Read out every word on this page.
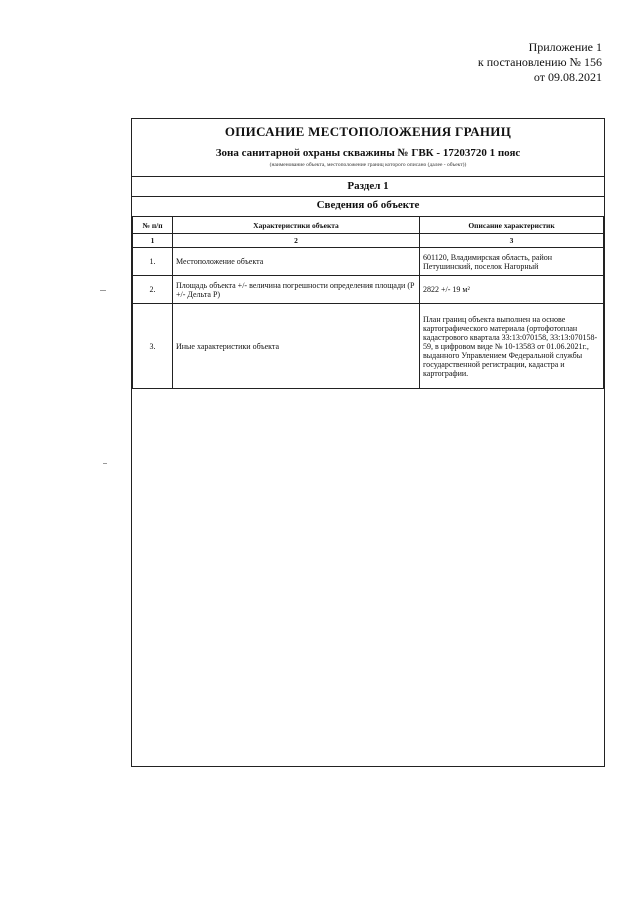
Приложение 1
к постановлению № 156
от 09.08.2021
ОПИСАНИЕ МЕСТОПОЛОЖЕНИЯ ГРАНИЦ
Зона санитарной охраны скважины № ГВК - 17203720 1 пояс
(наименование объекта, местоположение границ которого описано (далее - объект))
Раздел 1
Сведения об объекте
№ п/п	Характеристики объекта	Описание характеристик
1	2	3
1.	Местоположение объекта	601120, Владимирская область, район Петушинский, поселок Нагорный
2.	Площадь объекта +/- величина погрешности определения площади (Р +/- Дельта Р)	2822 +/- 19 м²
3.	Иные характеристики объекта	План границ объекта выполнен на основе картографического материала (ортофотоплан кадастрового квартала 33:13:070158, 33:13:070158-59, в цифровом виде № 10-13583 от 01.06.2021г., выданного Управлением Федеральной службы государственной регистрации, кадастра и картографии.
